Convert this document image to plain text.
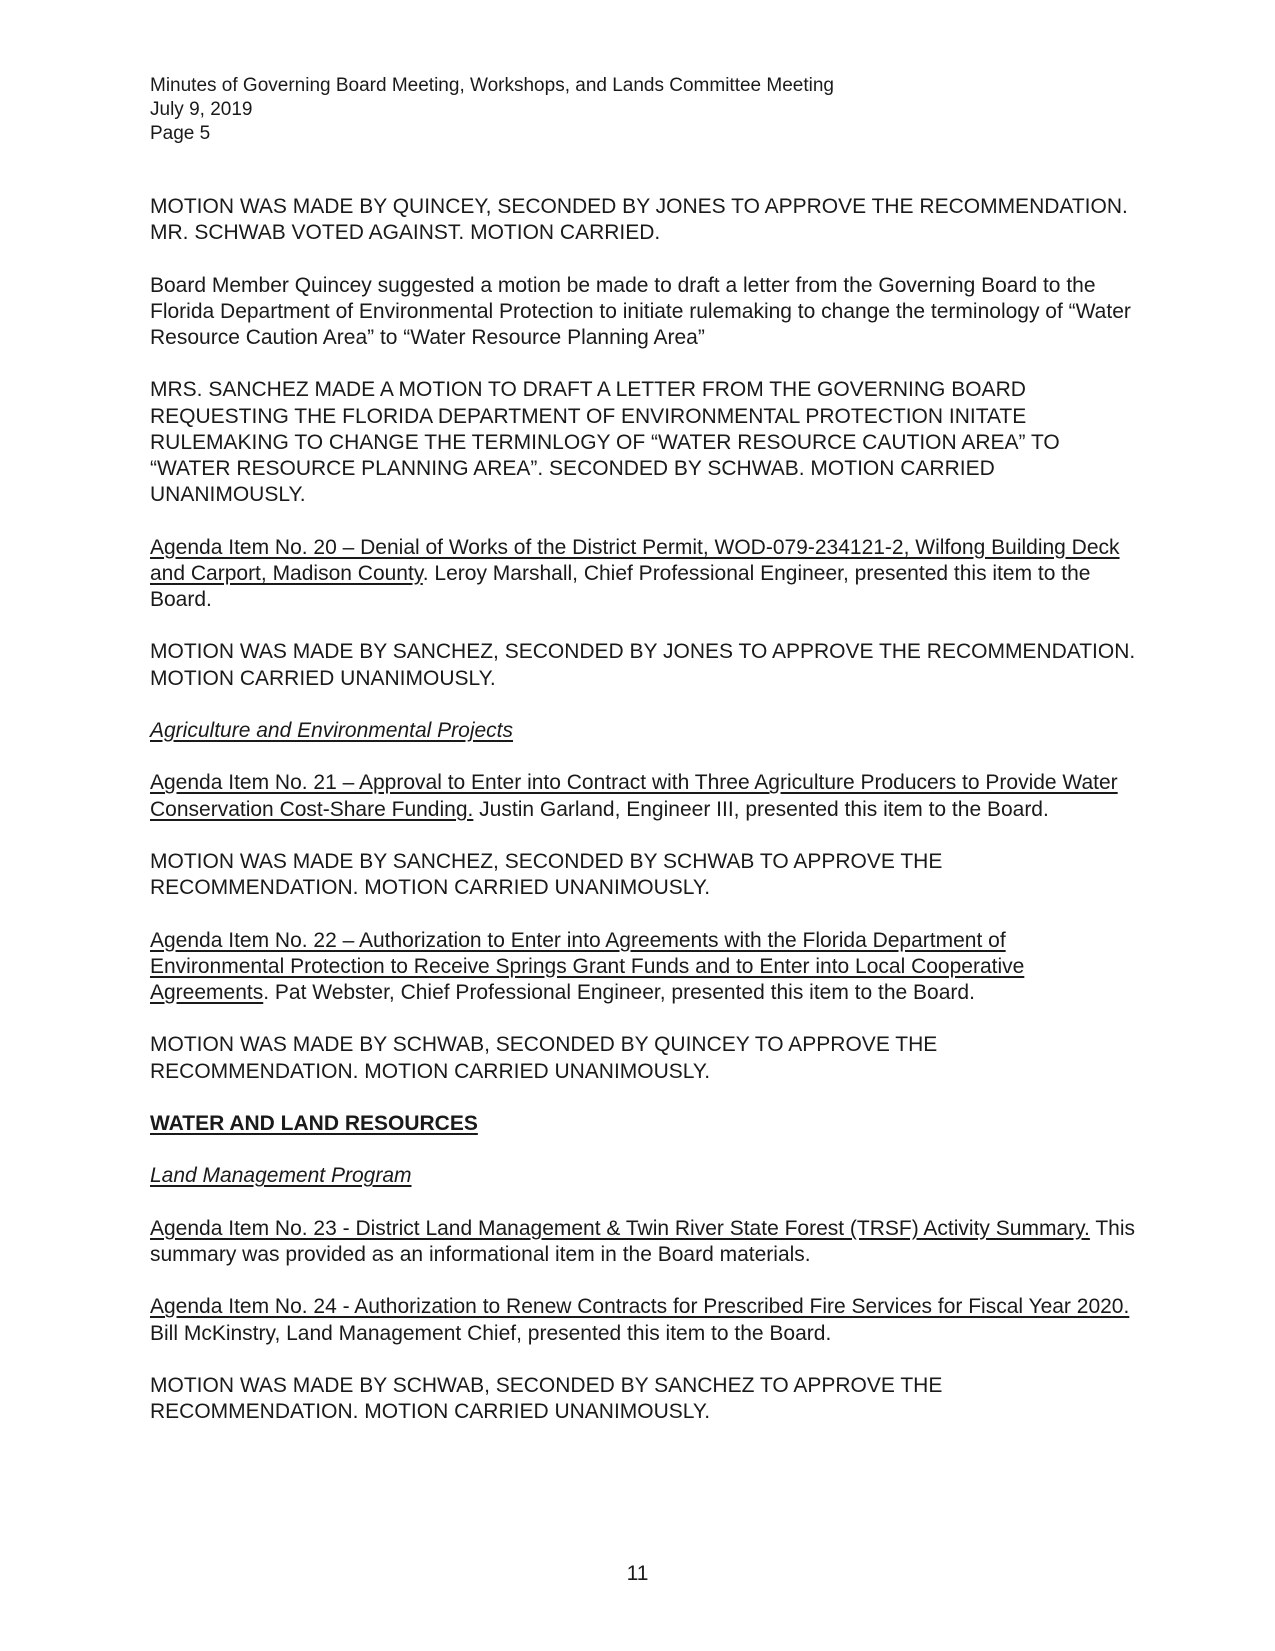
Minutes of Governing Board Meeting, Workshops, and Lands Committee Meeting
July 9, 2019
Page 5

MOTION WAS MADE BY QUINCEY, SECONDED BY JONES TO APPROVE THE RECOMMENDATION. MR. SCHWAB VOTED AGAINST. MOTION CARRIED.

Board Member Quincey suggested a motion be made to draft a letter from the Governing Board to the Florida Department of Environmental Protection to initiate rulemaking to change the terminology of “Water Resource Caution Area” to “Water Resource Planning Area”

MRS. SANCHEZ MADE A MOTION TO DRAFT A LETTER FROM THE GOVERNING BOARD REQUESTING THE FLORIDA DEPARTMENT OF ENVIRONMENTAL PROTECTION INITATE RULEMAKING TO CHANGE THE TERMINLOGY OF “WATER RESOURCE CAUTION AREA” TO “WATER RESOURCE PLANNING AREA”. SECONDED BY SCHWAB. MOTION CARRIED UNANIMOUSLY.

Agenda Item No. 20 – Denial of Works of the District Permit, WOD-079-234121-2, Wilfong Building Deck and Carport, Madison County. Leroy Marshall, Chief Professional Engineer, presented this item to the Board.

MOTION WAS MADE BY SANCHEZ, SECONDED BY JONES TO APPROVE THE RECOMMENDATION. MOTION CARRIED UNANIMOUSLY.

Agriculture and Environmental Projects

Agenda Item No. 21 – Approval to Enter into Contract with Three Agriculture Producers to Provide Water Conservation Cost-Share Funding. Justin Garland, Engineer III, presented this item to the Board.

MOTION WAS MADE BY SANCHEZ, SECONDED BY SCHWAB TO APPROVE THE RECOMMENDATION. MOTION CARRIED UNANIMOUSLY.

Agenda Item No. 22 – Authorization to Enter into Agreements with the Florida Department of Environmental Protection to Receive Springs Grant Funds and to Enter into Local Cooperative Agreements. Pat Webster, Chief Professional Engineer, presented this item to the Board.

MOTION WAS MADE BY SCHWAB, SECONDED BY QUINCEY TO APPROVE THE RECOMMENDATION. MOTION CARRIED UNANIMOUSLY.

WATER AND LAND RESOURCES

Land Management Program

Agenda Item No. 23 - District Land Management & Twin River State Forest (TRSF) Activity Summary. This summary was provided as an informational item in the Board materials.

Agenda Item No. 24 - Authorization to Renew Contracts for Prescribed Fire Services for Fiscal Year 2020. Bill McKinstry, Land Management Chief, presented this item to the Board.

MOTION WAS MADE BY SCHWAB, SECONDED BY SANCHEZ TO APPROVE THE RECOMMENDATION. MOTION CARRIED UNANIMOUSLY.

11
